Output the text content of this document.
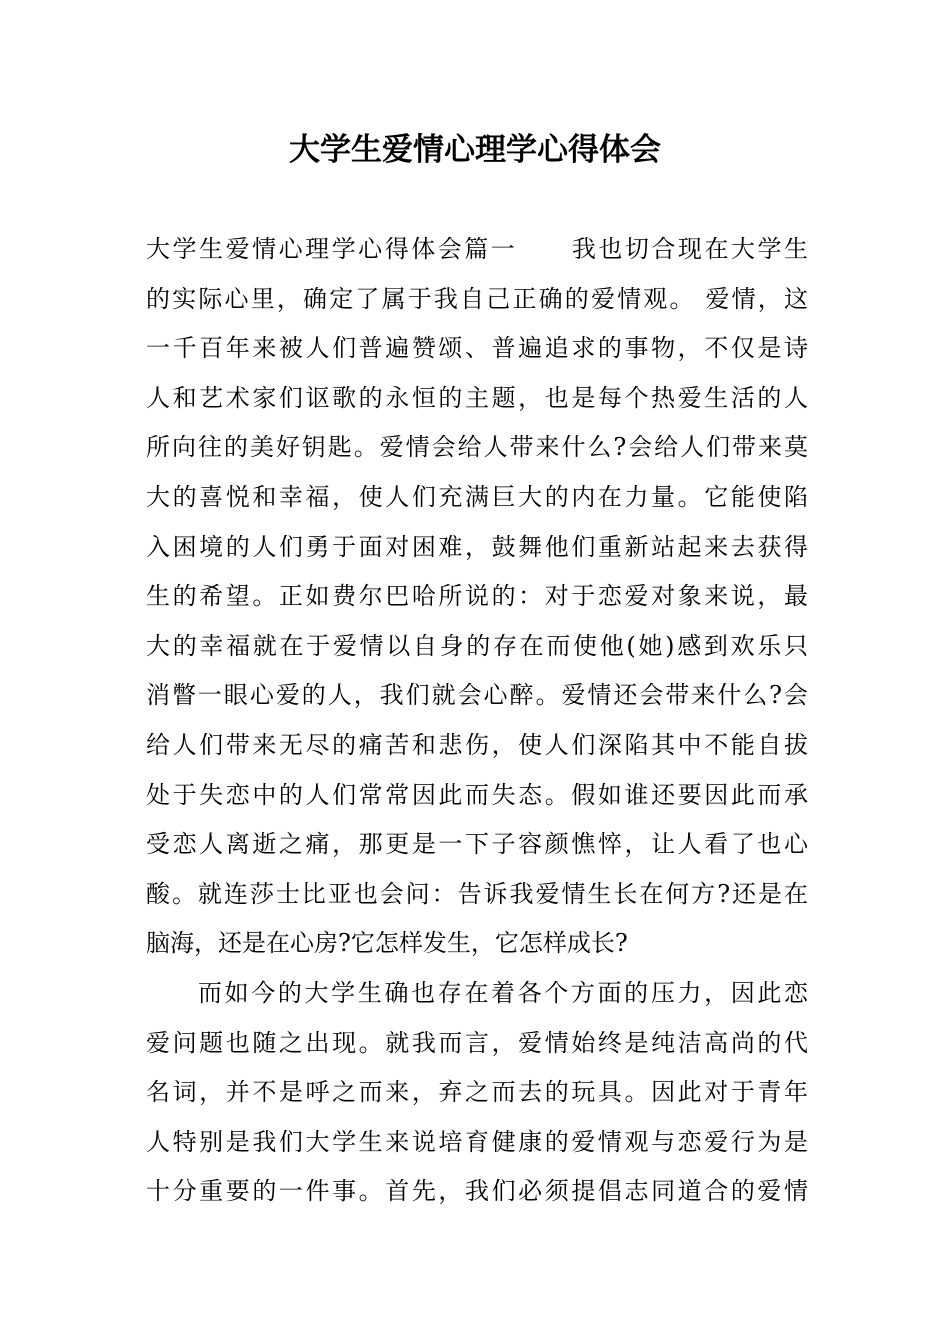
大学生爱情心理学心得体会
大学生爱情心理学心得体会篇一 我也切合现在大学生
的实际心里，确定了属于我自己正确的爱情观。 爱情，这
一千百年来被人们普遍赞颂、普遍追求的事物，不仅是诗
人和艺术家们讴歌的永恒的主题，也是每个热爱生活的人
所向往的美好钥匙。爱情会给人带来什么?会给人们带来莫
大的喜悦和幸福，使人们充满巨大的内在力量。它能使陷
入困境的人们勇于面对困难，鼓舞他们重新站起来去获得
生的希望。正如费尔巴哈所说的：对于恋爱对象来说，最
大的幸福就在于爱情以自身的存在而使他(她)感到欢乐只
消瞥一眼心爱的人，我们就会心醉。爱情还会带来什么?会
给人们带来无尽的痛苦和悲伤，使人们深陷其中不能自拔
处于失恋中的人们常常因此而失态。假如谁还要因此而承
受恋人离逝之痛，那更是一下子容颜憔悴，让人看了也心
酸。就连莎士比亚也会问：告诉我爱情生长在何方?还是在
脑海，还是在心房?它怎样发生，它怎样成长?
而如今的大学生确也存在着各个方面的压力，因此恋
爱问题也随之出现。就我而言，爱情始终是纯洁高尚的代
名词，并不是呼之而来，弃之而去的玩具。因此对于青年
人特别是我们大学生来说培育健康的爱情观与恋爱行为是
十分重要的一件事。首先，我们必须提倡志同道合的爱情
